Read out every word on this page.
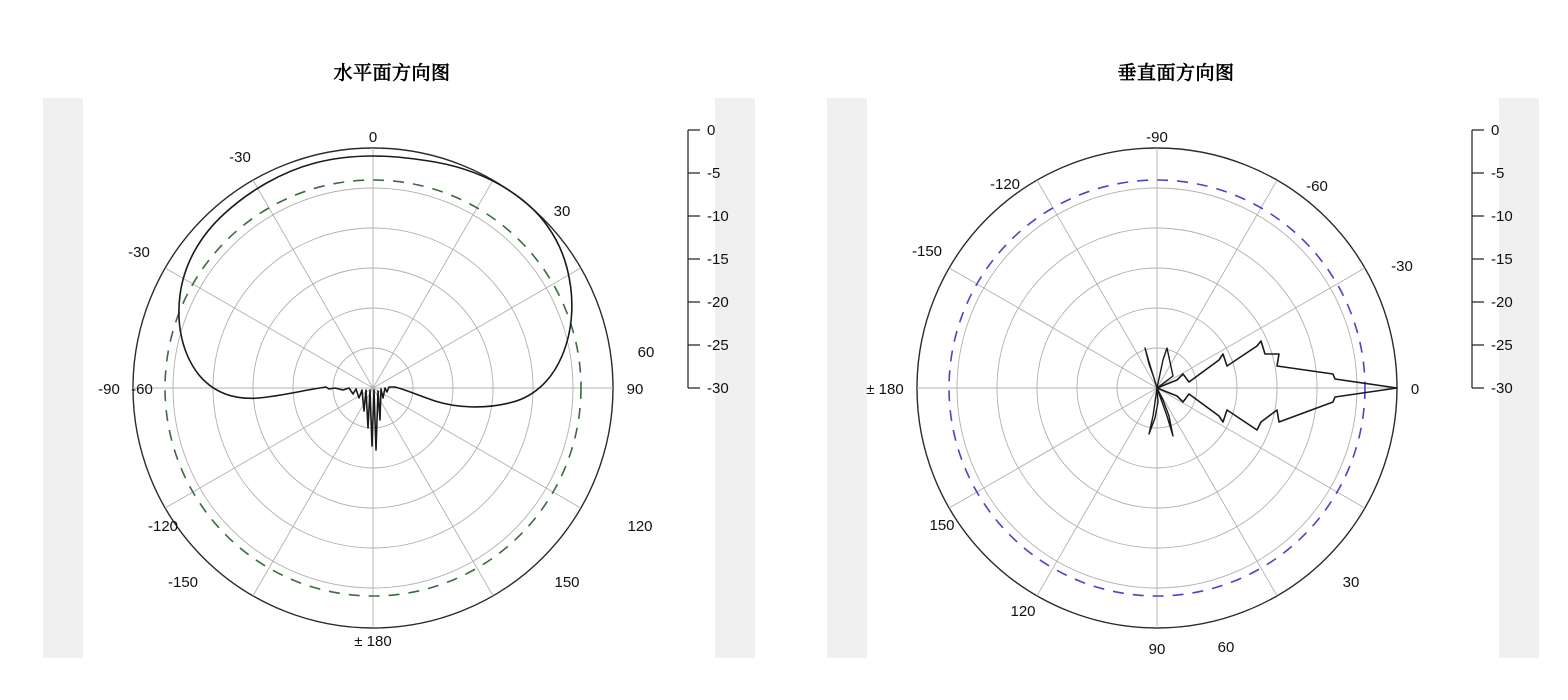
水平面方向图
0
30
60
90
120
150
± 180
-150
-120
-90 -60
-30
-30
0
-5
-10
-15
-20
-25
-30
垂直面方向图
0
30
60
90
120
150
± 180
-150
-120
-90
-60
-30
0
-5
-10
-15
-20
-25
-30
